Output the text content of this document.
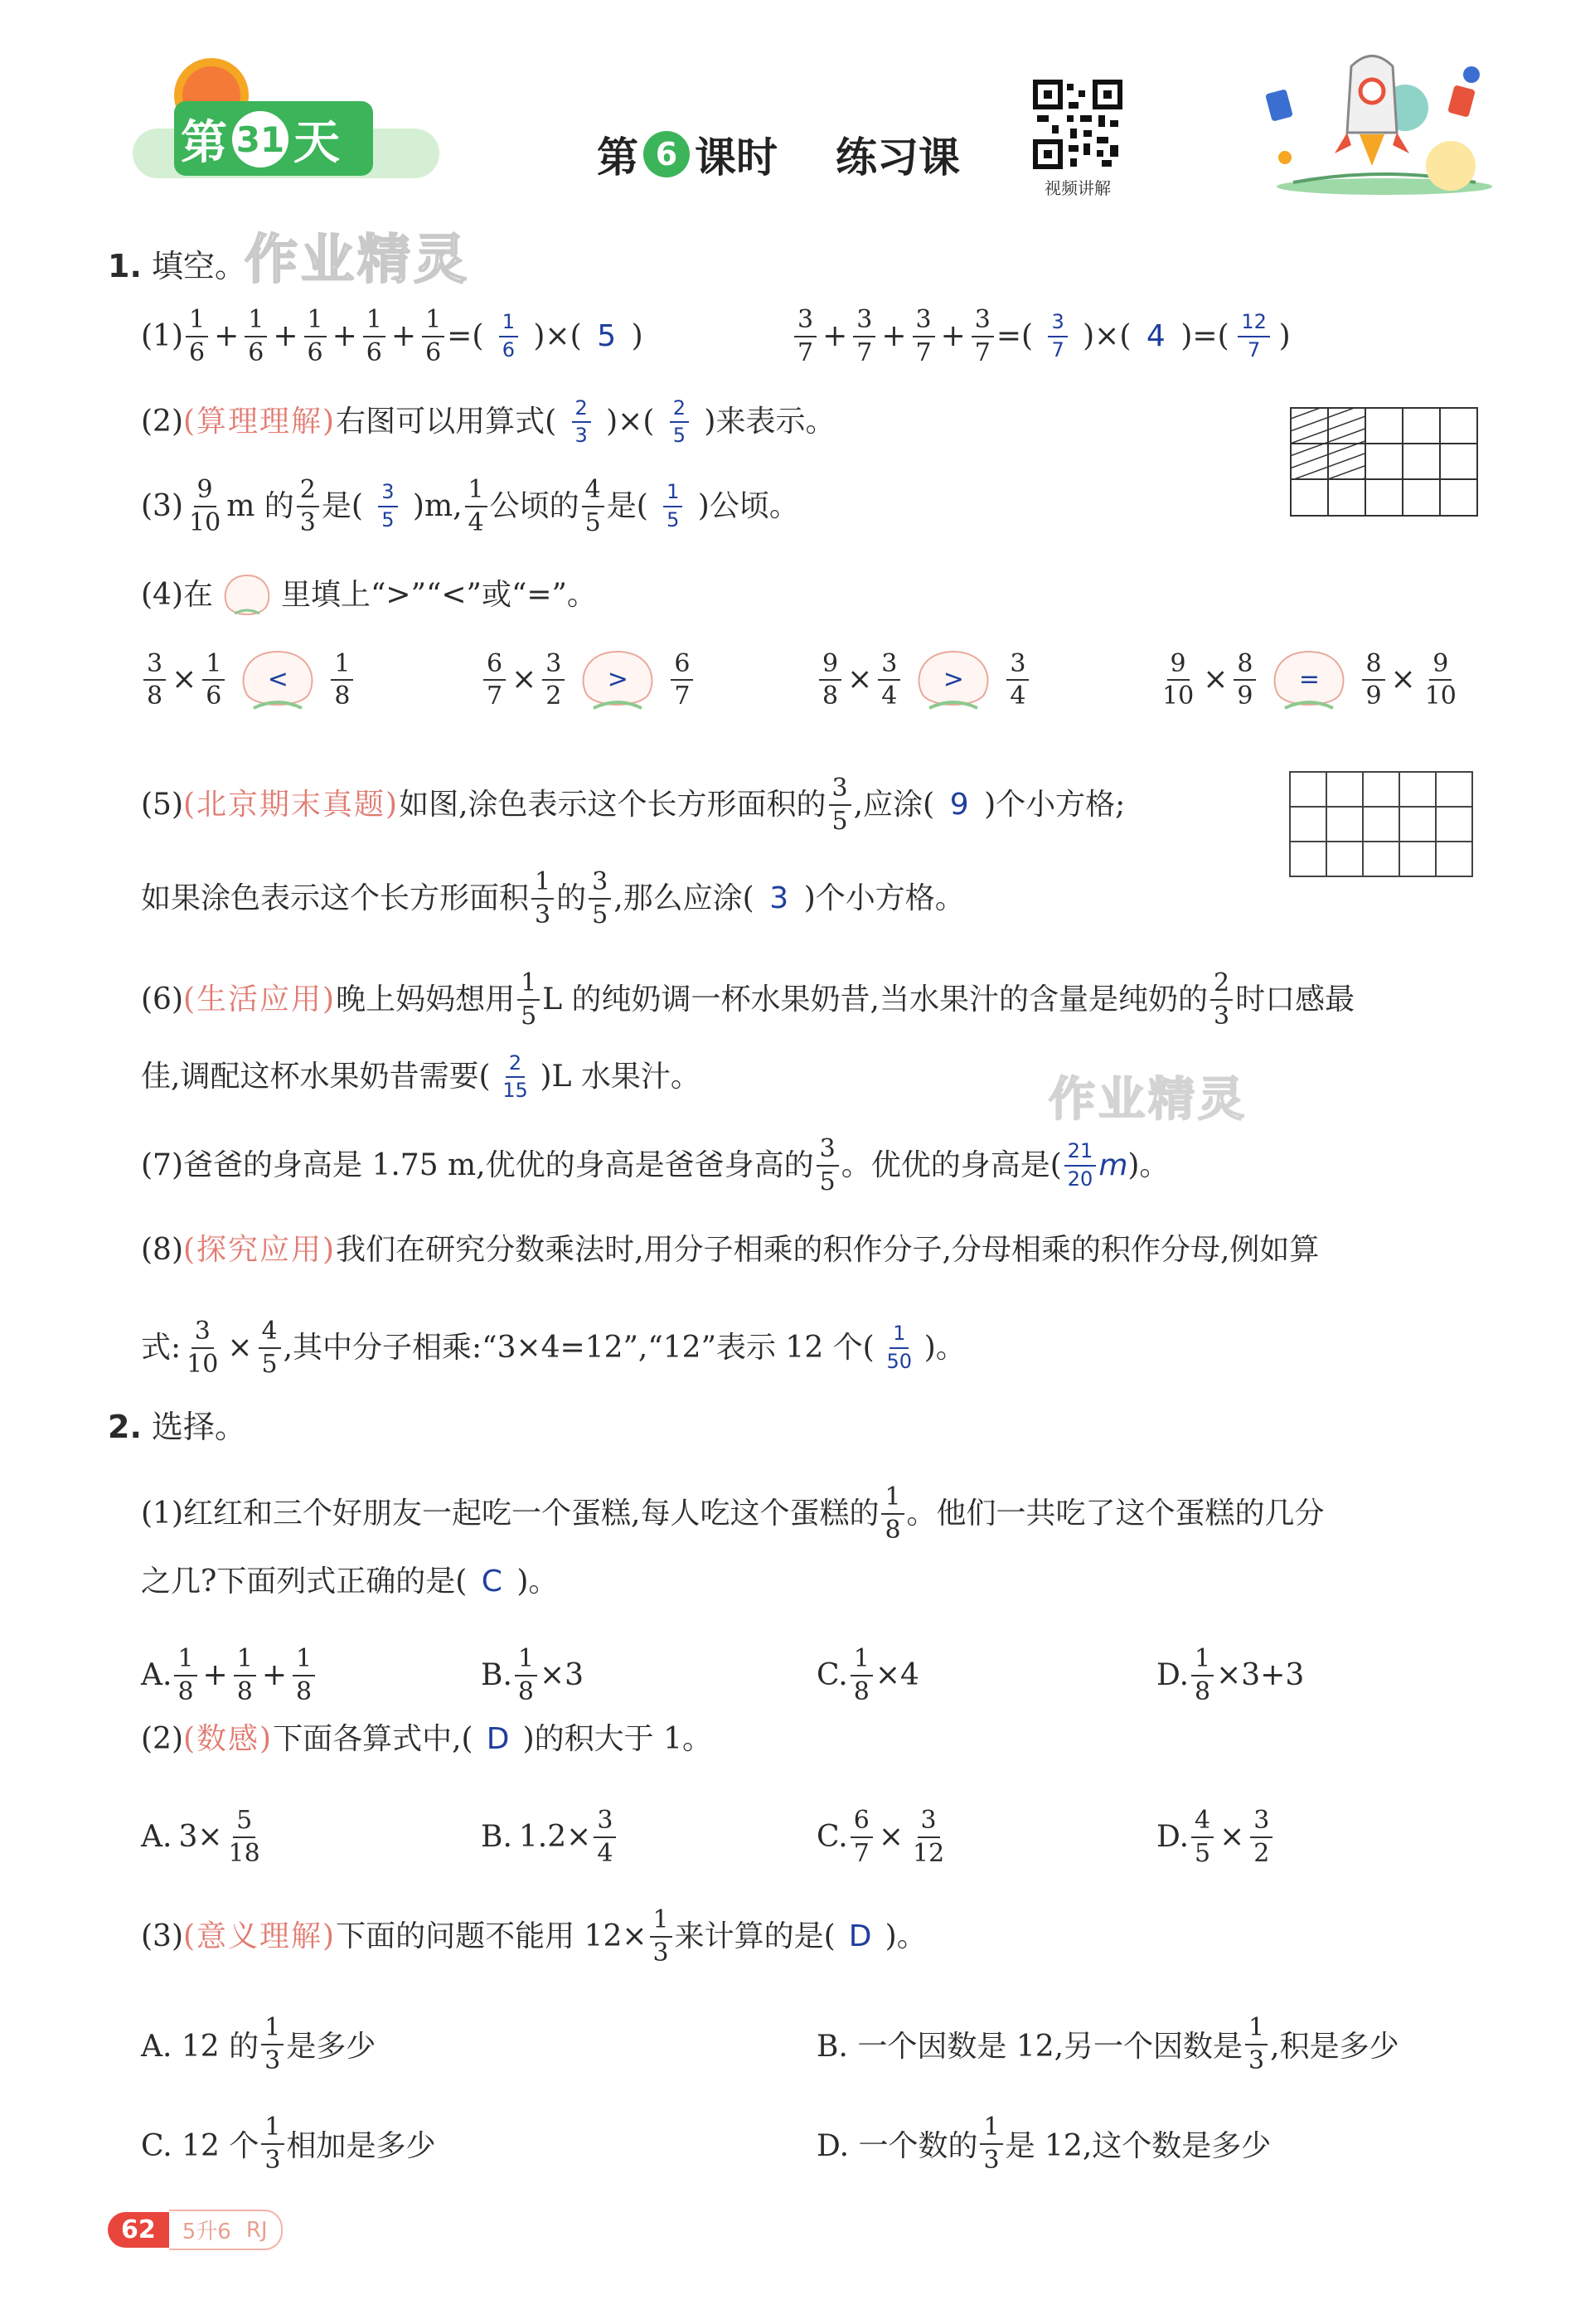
第 31 天	第 6 课时 练习课
视频讲解
作业精灵
作业精灵
1. 填空。
$(1) \frac{1}{6} + \frac{1}{6} + \frac{1}{6} + \frac{1}{6} + \frac{1}{6}$ =( $\frac{1}{6}$ )×( 5 )	$\frac{3}{7} + \frac{3}{7} + \frac{3}{7} + \frac{3}{7}$ =( $\frac{3}{7}$ )×( 4 )=( $\frac{12}{7}$ )
(2) (算理理解) 右图可以用算式( $\frac{2}{3}$ )×( $\frac{2}{5}$ )来表示。
$(3) \frac{9}{10}$ m 的 $\frac{2}{3}$ 是( $\frac{3}{5} )m$, $\frac{1}{4}$ 公顷的 $\frac{4}{5}$ 是( $\frac{1}{5}$ )公顷。
(4)在 里填上“>”“<”或“=”。
$\frac{3}{8} \times \frac{1}{6} < \frac{1}{8}$	$\frac{6}{7} \times \frac{3}{2} > \frac{6}{7}$	$\frac{9}{8} \times \frac{3}{4} > \frac{3}{4}$	$\frac{9}{10} \times \frac{8}{9} = \frac{8}{9} \times \frac{9}{10}$
(5) (北京期末真题) 如图,涂色表示这个长方形面积的 $\frac{3}{5}$ ,应涂( 9 )个小方格;

如果涂色表示这个长方形面积 $\frac{1}{3}$ 的 $\frac{3}{5}$ ,那么应涂( 3 )个小方格。
(6) (生活应用) 晚上妈妈想用 $\frac{1}{5}$ L 的纯奶调一杯水果奶昔,当水果汁的含量是纯奶的 $\frac{2}{3}$ 时口感最
佳,调配这杯水果奶昔需要( $\frac{2}{15} )L$ 水果汁。
(7) 爸爸的身高是 1.75 m,优优的身高是爸爸身高的 $\frac{3}{5}$ 。优优的身高是( $\frac{21}{20}$ m )。
(8) (探究应用) 我们在研究分数乘法时,用分子相乘的积作分子,分母相乘的积作分母,例如算
式: $\frac{3}{10} \times \frac{4}{5}$ ,其中分子相乘:“3×4=12”,“12”表示 12 个( $\frac{1}{50}$ )。
2. 选择。
(1) 红红和三个好朋友一起吃一个蛋糕,每人吃这个蛋糕的 $\frac{1}{8}$ 。他们一共吃了这个蛋糕的几分
之几?下面列式正确的是( C )。
A. $\frac{1}{8} + \frac{1}{8} + \frac{1}{8}$	B. $\frac{1}{8} \times 3$	C. $\frac{1}{8} \times 4$	D. $\frac{1}{8} \times 3+3$
(2) (数感) 下面各算式中,( D )的积大于 1。
A. $3\times \frac{5}{18}$	B. $1.2\times \frac{3}{4}$	C. $\frac{6}{7} \times \frac{3}{12}$	D. $\frac{4}{5} \times \frac{3}{2}$
(3) (意义理解) 下面的问题不能用 $12\times \frac{1}{3}$ 来计算的是( D )。
A. 12 的 $\frac{1}{3}$ 是多少	B. 一个因数是 12,另一个因数是 $\frac{1}{3}$ ,积是多少
C. 12 个 $\frac{1}{3}$ 相加是多少	D. 一个数的 $\frac{1}{3}$ 是 12,这个数是多少
62	5升6 RJ
